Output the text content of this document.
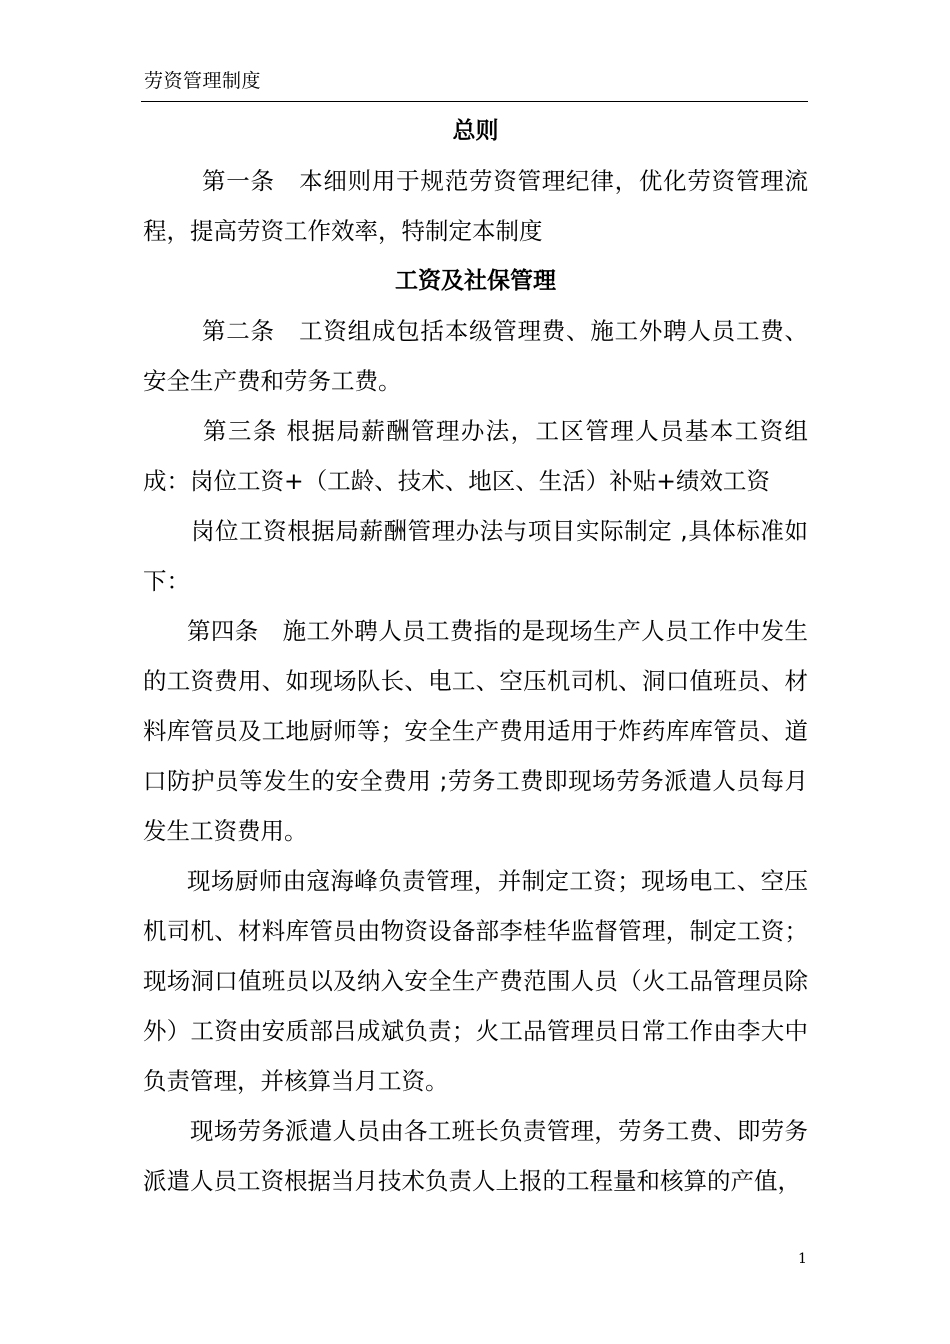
劳资管理制度

总则

第一条　本细则用于规范劳资管理纪律，优化劳资管理流程，提高劳资工作效率，特制定本制度

工资及社保管理

第二条　工资组成包括本级管理费、施工外聘人员工费、安全生产费和劳务工费。

第三条 根据局薪酬管理办法，工区管理人员基本工资组成：岗位工资+（工龄、技术、地区、生活）补贴+绩效工资

岗位工资根据局薪酬管理办法与项目实际制定 ,具体标准如下：

第四条　施工外聘人员工费指的是现场生产人员工作中发生的工资费用、如现场队长、电工、空压机司机、洞口值班员、材料库管员及工地厨师等；安全生产费用适用于炸药库库管员、道口防护员等发生的安全费用 ;劳务工费即现场劳务派遣人员每月发生工资费用。

现场厨师由寇海峰负责管理，并制定工资；现场电工、空压机司机、材料库管员由物资设备部李桂华监督管理，制定工资；现场洞口值班员以及纳入安全生产费范围人员（火工品管理员除外）工资由安质部吕成斌负责；火工品管理员日常工作由李大中负责管理，并核算当月工资。

现场劳务派遣人员由各工班长负责管理，劳务工费、即劳务派遣人员工资根据当月技术负责人上报的工程量和核算的产值，

1
